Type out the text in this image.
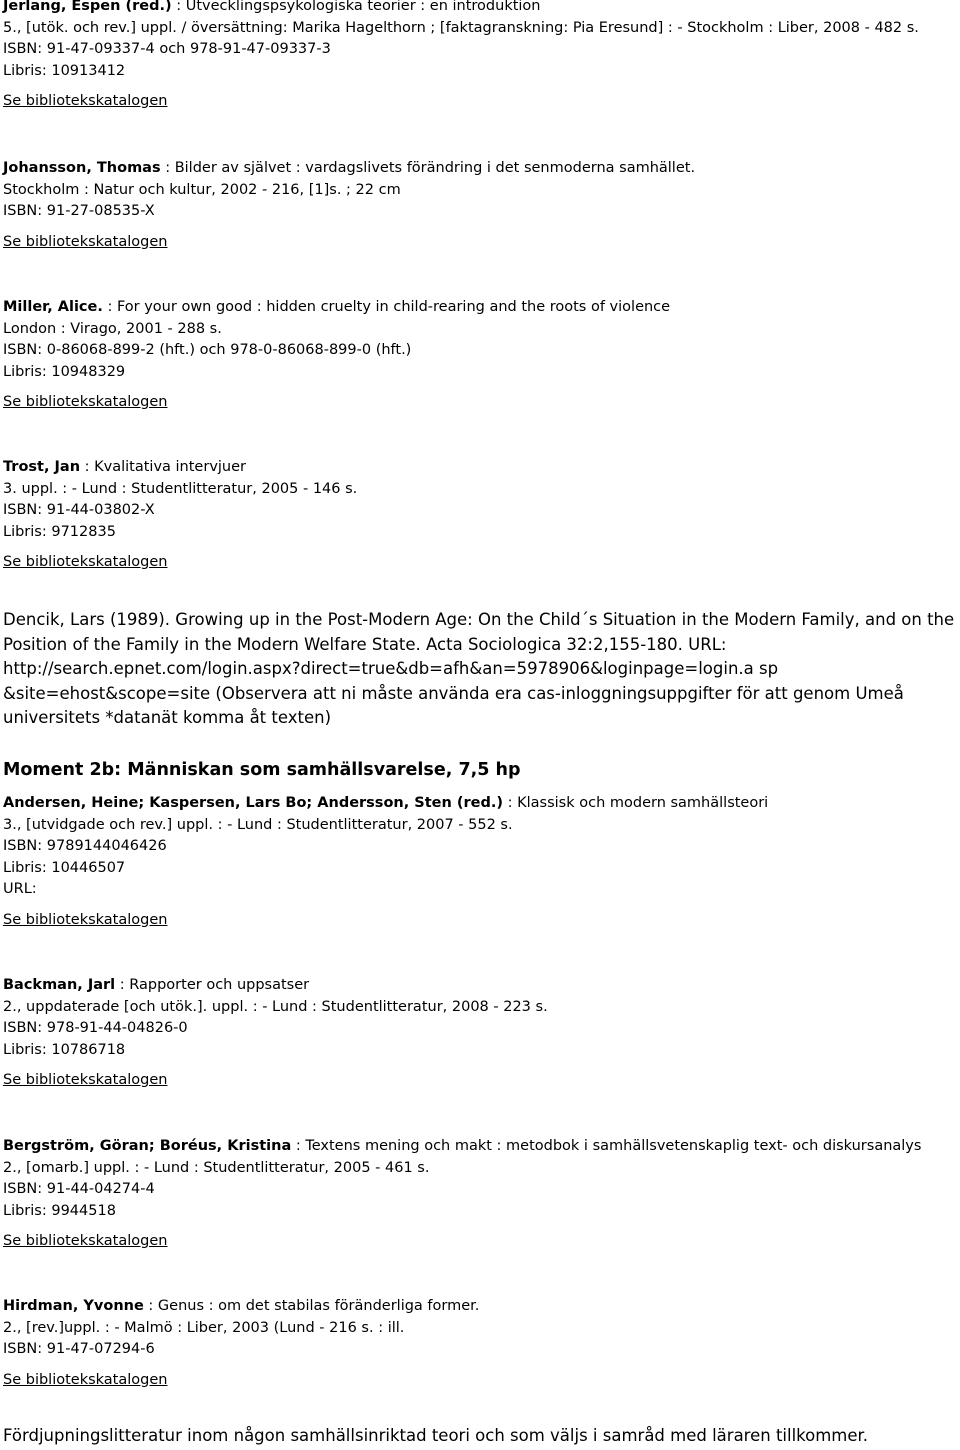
Jerlang, Espen (red.) : Utvecklingspsykologiska teorier : en introduktion
5., [utök. och rev.] uppl. / översättning: Marika Hagelthorn ; [faktagranskning: Pia Eresund] : - Stockholm : Liber, 2008 - 482 s.
ISBN: 91-47-09337-4 och 978-91-47-09337-3
Libris: 10913412
Se bibliotekskatalogen
Johansson, Thomas : Bilder av självet : vardagslivets förändring i det senmoderna samhället.
Stockholm : Natur och kultur, 2002 - 216, [1]s. ; 22 cm
ISBN: 91-27-08535-X
Se bibliotekskatalogen
Miller, Alice. : For your own good : hidden cruelty in child-rearing and the roots of violence
London : Virago, 2001 - 288 s.
ISBN: 0-86068-899-2 (hft.) och 978-0-86068-899-0 (hft.)
Libris: 10948329
Se bibliotekskatalogen
Trost, Jan : Kvalitativa intervjuer
3. uppl. : - Lund : Studentlitteratur, 2005 - 146 s.
ISBN: 91-44-03802-X
Libris: 9712835
Se bibliotekskatalogen
Dencik, Lars (1989). Growing up in the Post-Modern Age: On the Child´s Situation in the Modern Family, and on the Position of the Family in the Modern Welfare State. Acta Sociologica 32:2,155-180. URL: http://search.epnet.com/login.aspx?direct=true&db=afh&an=5978906&loginpage=login.a sp &site=ehost&scope=site (Observera att ni måste använda era cas-inloggningsuppgifter för att genom Umeå universitets *datanät komma åt texten)
Moment 2b: Människan som samhällsvarelse, 7,5 hp
Andersen, Heine; Kaspersen, Lars Bo; Andersson, Sten (red.) : Klassisk och modern samhällsteori
3., [utvidgade och rev.] uppl. : - Lund : Studentlitteratur, 2007 - 552 s.
ISBN: 9789144046426
Libris: 10446507
URL:
Se bibliotekskatalogen
Backman, Jarl : Rapporter och uppsatser
2., uppdaterade [och utök.]. uppl. : - Lund : Studentlitteratur, 2008 - 223 s.
ISBN: 978-91-44-04826-0
Libris: 10786718
Se bibliotekskatalogen
Bergström, Göran; Boréus, Kristina : Textens mening och makt : metodbok i samhällsvetenskaplig text- och diskursanalys
2., [omarb.] uppl. : - Lund : Studentlitteratur, 2005 - 461 s.
ISBN: 91-44-04274-4
Libris: 9944518
Se bibliotekskatalogen
Hirdman, Yvonne : Genus : om det stabilas föränderliga former.
2., [rev.]uppl. : - Malmö : Liber, 2003 (Lund - 216 s. : ill.
ISBN: 91-47-07294-6
Se bibliotekskatalogen
Fördjupningslitteratur inom någon samhällsinriktad teori och som väljs i samråd med läraren tillkommer.
